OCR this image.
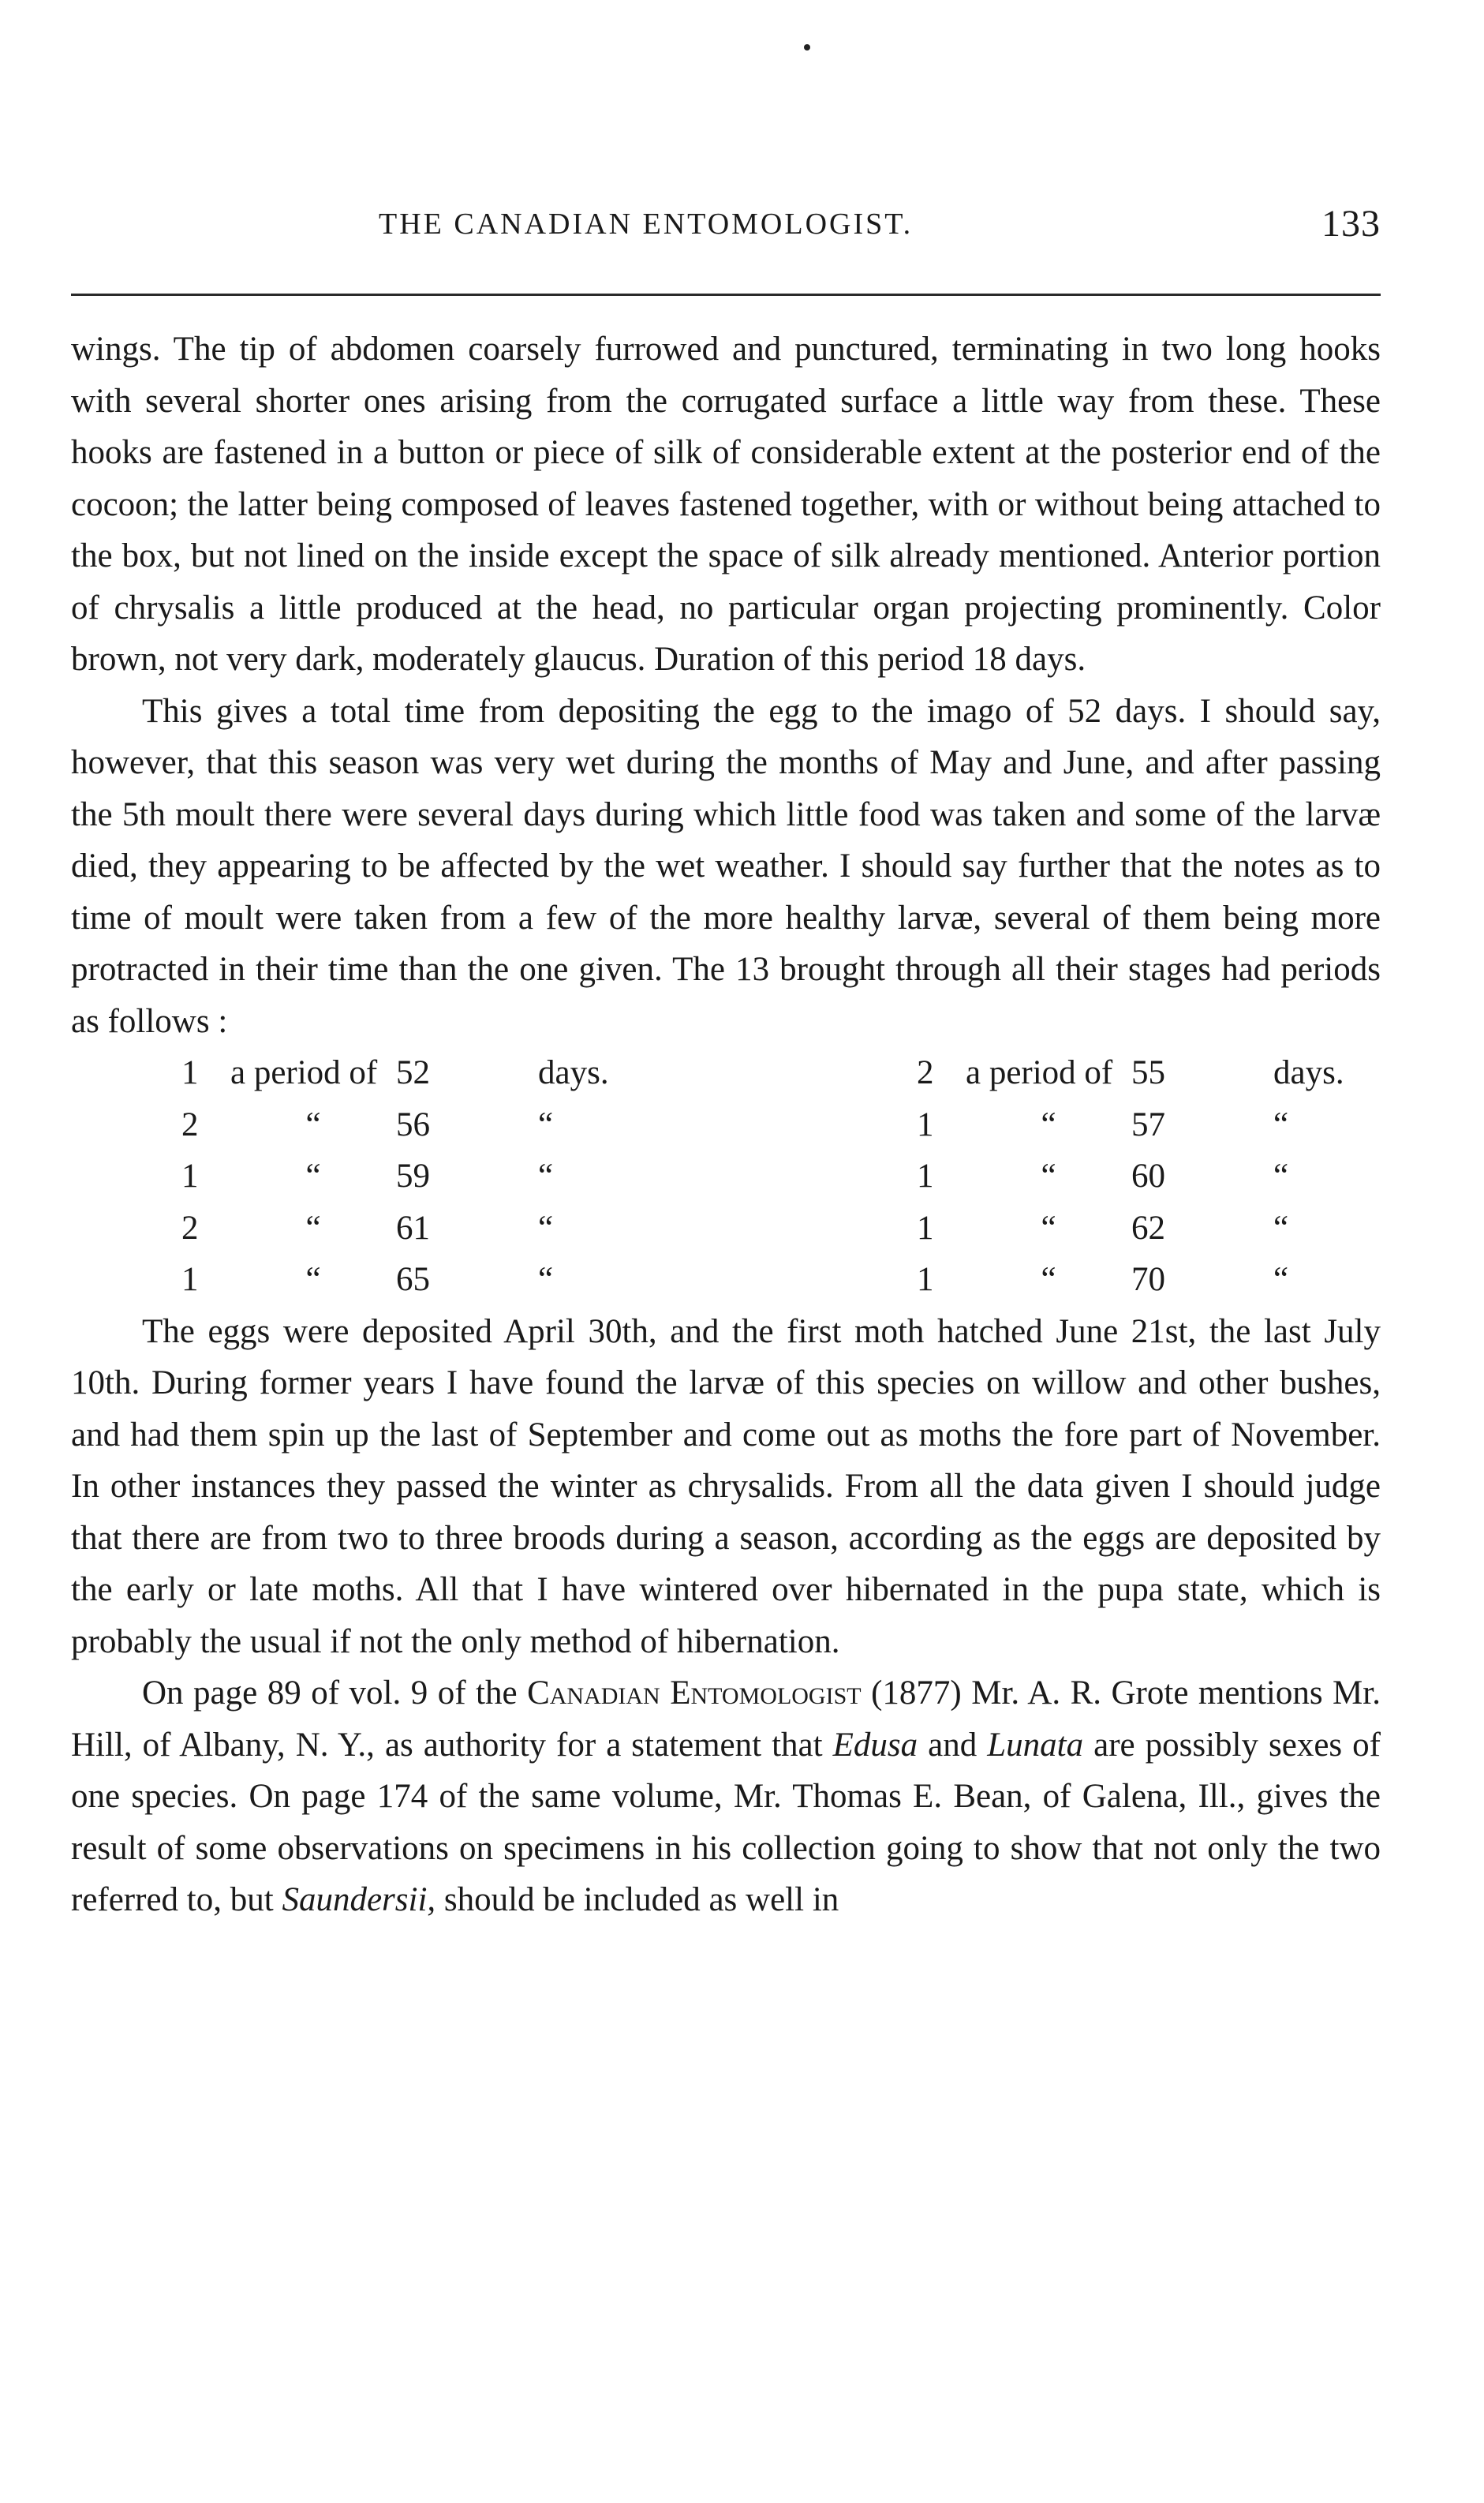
THE CANADIAN ENTOMOLOGIST.	133

wings. The tip of abdomen coarsely furrowed and punctured, terminating in two long hooks with several shorter ones arising from the corrugated surface a little way from these. These hooks are fastened in a button or piece of silk of considerable extent at the posterior end of the cocoon; the latter being composed of leaves fastened together, with or without being attached to the box, but not lined on the inside except the space of silk already mentioned. Anterior portion of chrysalis a little produced at the head, no particular organ projecting prominently. Color brown, not very dark, moderately glaucus. Duration of this period 18 days.

This gives a total time from depositing the egg to the imago of 52 days. I should say, however, that this season was very wet during the months of May and June, and after passing the 5th moult there were several days during which little food was taken and some of the larvæ died, they appearing to be affected by the wet weather. I should say further that the notes as to time of moult were taken from a few of the more healthy larvæ, several of them being more protracted in their time than the one given. The 13 brought through all their stages had periods as follows :

1	a period of	52	days.	2	a period of	55	days.
2	“	56	“	1	“	57	“
1	“	59	“	1	“	60	“
2	“	61	“	1	“	62	“
1	“	65	“	1	“	70	“

The eggs were deposited April 30th, and the first moth hatched June 21st, the last July 10th. During former years I have found the larvæ of this species on willow and other bushes, and had them spin up the last of September and come out as moths the fore part of November. In other instances they passed the winter as chrysalids. From all the data given I should judge that there are from two to three broods during a season, according as the eggs are deposited by the early or late moths. All that I have wintered over hibernated in the pupa state, which is probably the usual if not the only method of hibernation.

On page 89 of vol. 9 of the Canadian Entomologist (1877) Mr. A. R. Grote mentions Mr. Hill, of Albany, N. Y., as authority for a statement that Edusa and Lunata are possibly sexes of one species. On page 174 of the same volume, Mr. Thomas E. Bean, of Galena, Ill., gives the result of some observations on specimens in his collection going to show that not only the two referred to, but Saundersii, should be included as well in
